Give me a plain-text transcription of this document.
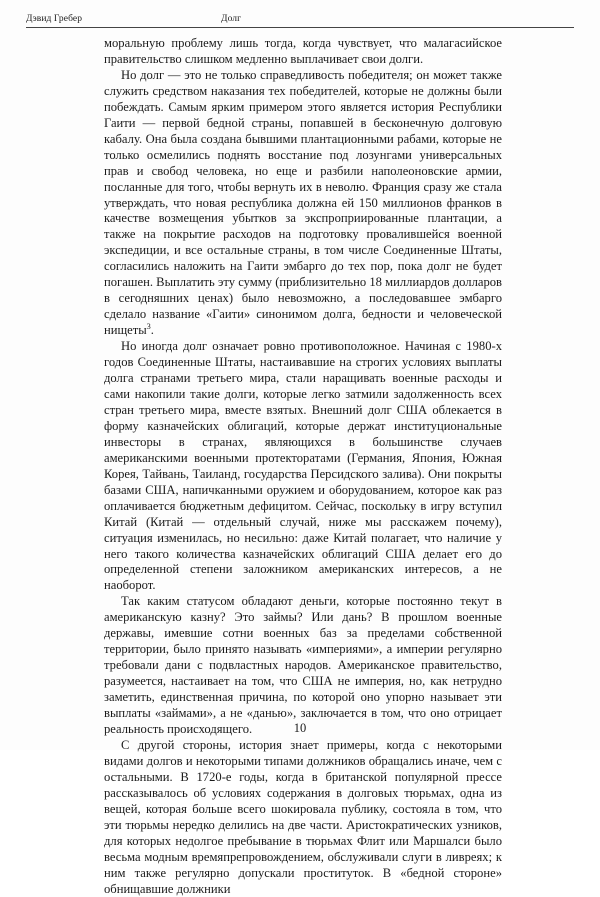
Дэвид Гребер	Долг

моральную проблему лишь тогда, когда чувствует, что малагасийское правительство слишком медленно выплачивает свои долги.

Но долг — это не только справедливость победителя; он может также служить средством наказания тех победителей, которые не должны были побеждать. Самым ярким примером этого является история Республики Гаити — первой бедной страны, попавшей в бесконечную долговую кабалу. Она была создана бывшими плантационными рабами, которые не только осмелились поднять восстание под лозунгами универсальных прав и свобод человека, но еще и разбили наполеоновские армии, посланные для того, чтобы вернуть их в неволю. Франция сразу же стала утверждать, что новая республика должна ей 150 миллионов франков в качестве возмещения убытков за экспроприированные плантации, а также на покрытие расходов на подготовку провалившейся военной экспедиции, и все остальные страны, в том числе Соединенные Штаты, согласились наложить на Гаити эмбарго до тех пор, пока долг не будет погашен. Выплатить эту сумму (приблизительно 18 миллиардов долларов в сегодняшних ценах) было невозможно, а последовавшее эмбарго сделало название «Гаити» синонимом долга, бедности и человеческой нищеты$^3$.

Но иногда долг означает ровно противоположное. Начиная с 1980-х годов Соединенные Штаты, настаивавшие на строгих условиях выплаты долга странами третьего мира, стали наращивать военные расходы и сами накопили такие долги, которые легко затмили задолженность всех стран третьего мира, вместе взятых. Внешний долг США облекается в форму казначейских облигаций, которые держат институциональные инвесторы в странах, являющихся в большинстве случаев американскими военными протекторатами (Германия, Япония, Южная Корея, Тайвань, Таиланд, государства Персидского залива). Они покрыты базами США, напичканными оружием и оборудованием, которое как раз оплачивается бюджетным дефицитом. Сейчас, поскольку в игру вступил Китай (Китай — отдельный случай, ниже мы расскажем почему), ситуация изменилась, но несильно: даже Китай полагает, что наличие у него такого количества казначейских облигаций США делает его до определенной степени заложником американских интересов, а не наоборот.

Так каким статусом обладают деньги, которые постоянно текут в американскую казну? Это займы? Или дань? В прошлом военные державы, имевшие сотни военных баз за пределами собственной территории, было принято называть «империями», а империи регулярно требовали дани с подвластных народов. Американское правительство, разумеется, настаивает на том, что США не империя, но, как нетрудно заметить, единственная причина, по которой оно упорно называет эти выплаты «займами», а не «данью», заключается в том, что оно отрицает реальность происходящего.

С другой стороны, история знает примеры, когда с некоторыми видами долгов и некоторыми типами должников обращались иначе, чем с остальными. В 1720-е годы, когда в британской популярной прессе рассказывалось об условиях содержания в долговых тюрьмах, одна из вещей, которая больше всего шокировала публику, состояла в том, что эти тюрьмы нередко делились на две части. Аристократических узников, для которых недолгое пребывание в тюрьмах Флит или Маршалси было весьма модным времяпрепровождением, обслуживали слуги в ливреях; к ним также регулярно допускали проституток. В «бедной стороне» обнищавшие должники

10
